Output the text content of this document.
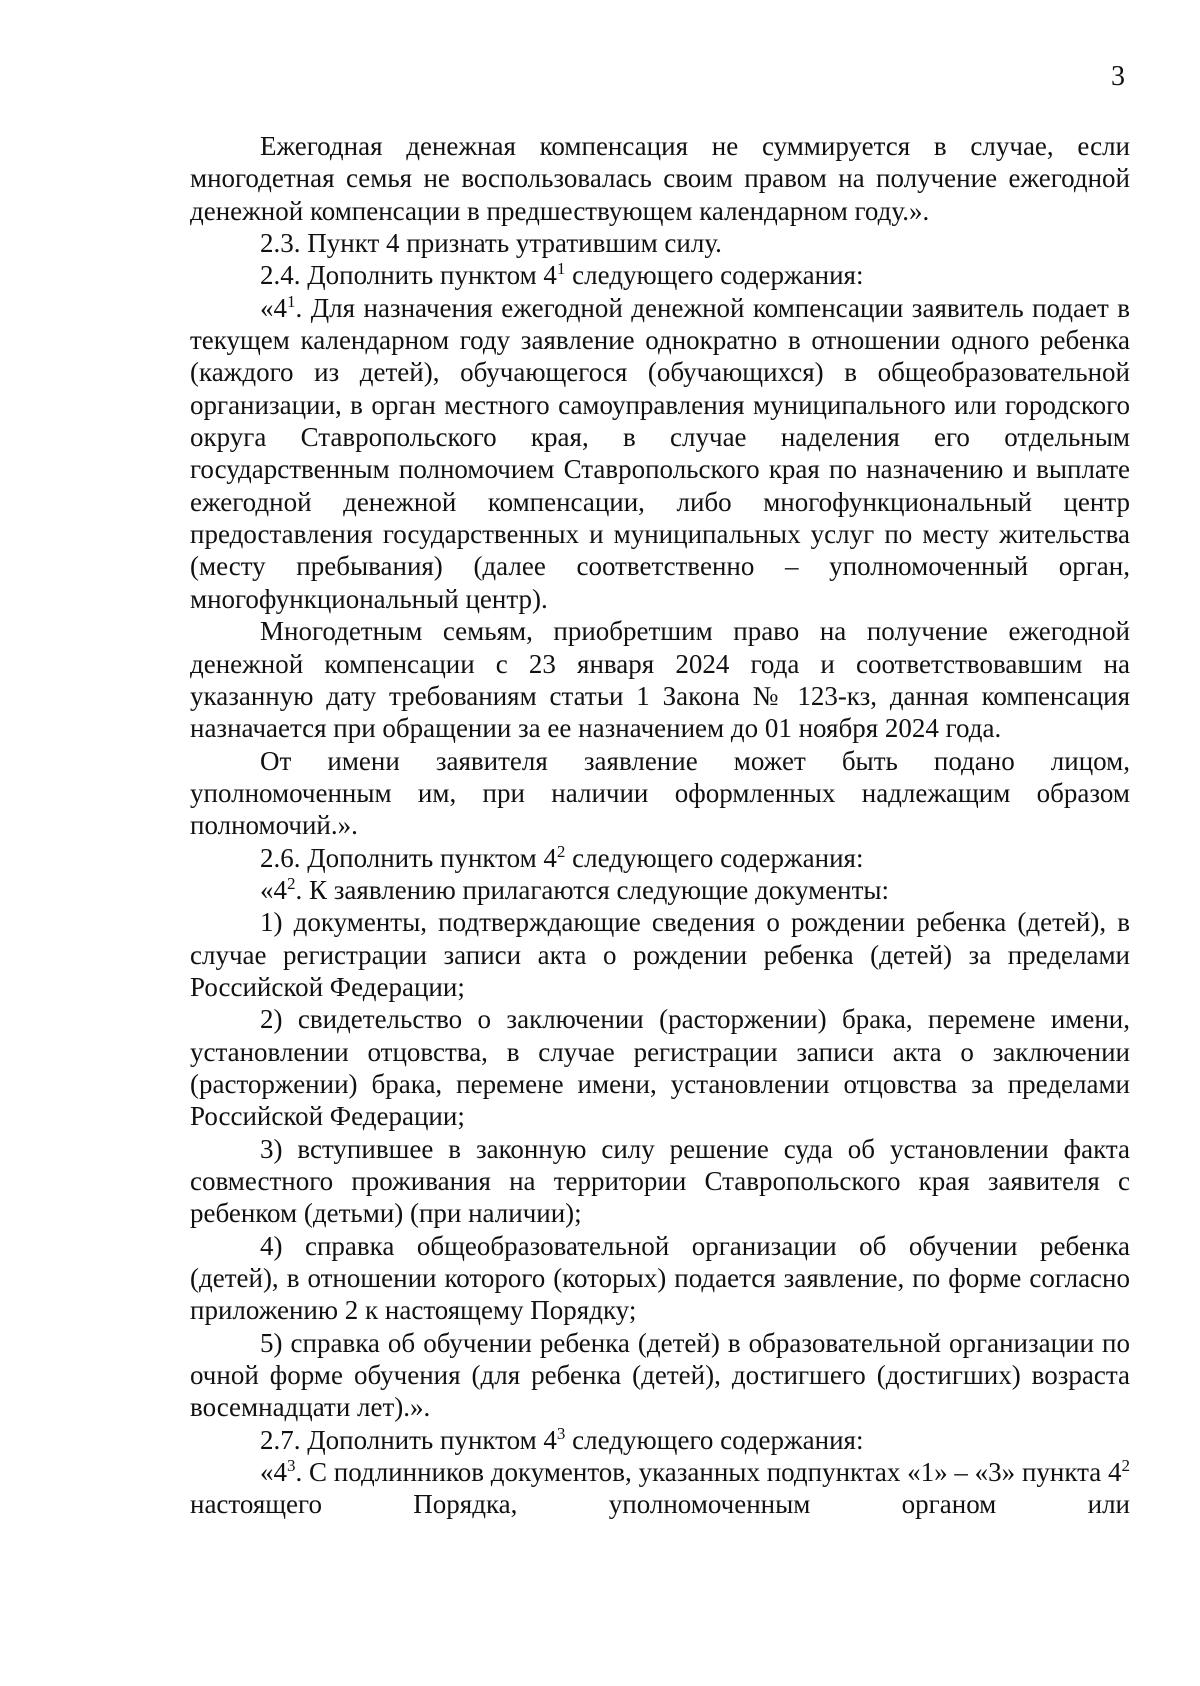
3

Ежегодная денежная компенсация не суммируется в случае, если многодетная семья не воспользовалась своим правом на получение ежегодной денежной компенсации в предшествующем календарном году.».

2.3. Пункт 4 признать утратившим силу.

2.4. Дополнить пунктом $4^1$ следующего содержания:

«$4^1$. Для назначения ежегодной денежной компенсации заявитель подает в текущем календарном году заявление однократно в отношении одного ребенка (каждого из детей), обучающегося (обучающихся) в общеобразовательной организации, в орган местного самоуправления муниципального или городского округа Ставропольского края, в случае наделения его отдельным государственным полномочием Ставропольского края по назначению и выплате ежегодной денежной компенсации, либо многофункциональный центр предоставления государственных и муниципальных услуг по месту жительства (месту пребывания) (далее соответственно – уполномоченный орган, многофункциональный центр).

Многодетным семьям, приобретшим право на получение ежегодной денежной компенсации с 23 января 2024 года и соответствовавшим на указанную дату требованиям статьи 1 Закона № 123-кз, данная компенсация назначается при обращении за ее назначением до 01 ноября 2024 года.

От имени заявителя заявление может быть подано лицом, уполномоченным им, при наличии оформленных надлежащим образом полномочий.».

2.6. Дополнить пунктом $4^2$ следующего содержания:

«$4^2$. К заявлению прилагаются следующие документы:

1) документы, подтверждающие сведения о рождении ребенка (детей), в случае регистрации записи акта о рождении ребенка (детей) за пределами Российской Федерации;

2) свидетельство о заключении (расторжении) брака, перемене имени, установлении отцовства, в случае регистрации записи акта о заключении (расторжении) брака, перемене имени, установлении отцовства за пределами Российской Федерации;

3) вступившее в законную силу решение суда об установлении факта совместного проживания на территории Ставропольского края заявителя с ребенком (детьми) (при наличии);

4) справка общеобразовательной организации об обучении ребенка (детей), в отношении которого (которых) подается заявление, по форме согласно приложению 2 к настоящему Порядку;

5) справка об обучении ребенка (детей) в образовательной организации по очной форме обучения (для ребенка (детей), достигшего (достигших) возраста восемнадцати лет).».

2.7. Дополнить пунктом $4^3$ следующего содержания:

«$4^3$. С подлинников документов, указанных подпунктах «1» – «3» пункта $4^2$ настоящего Порядка, уполномоченным органом или
